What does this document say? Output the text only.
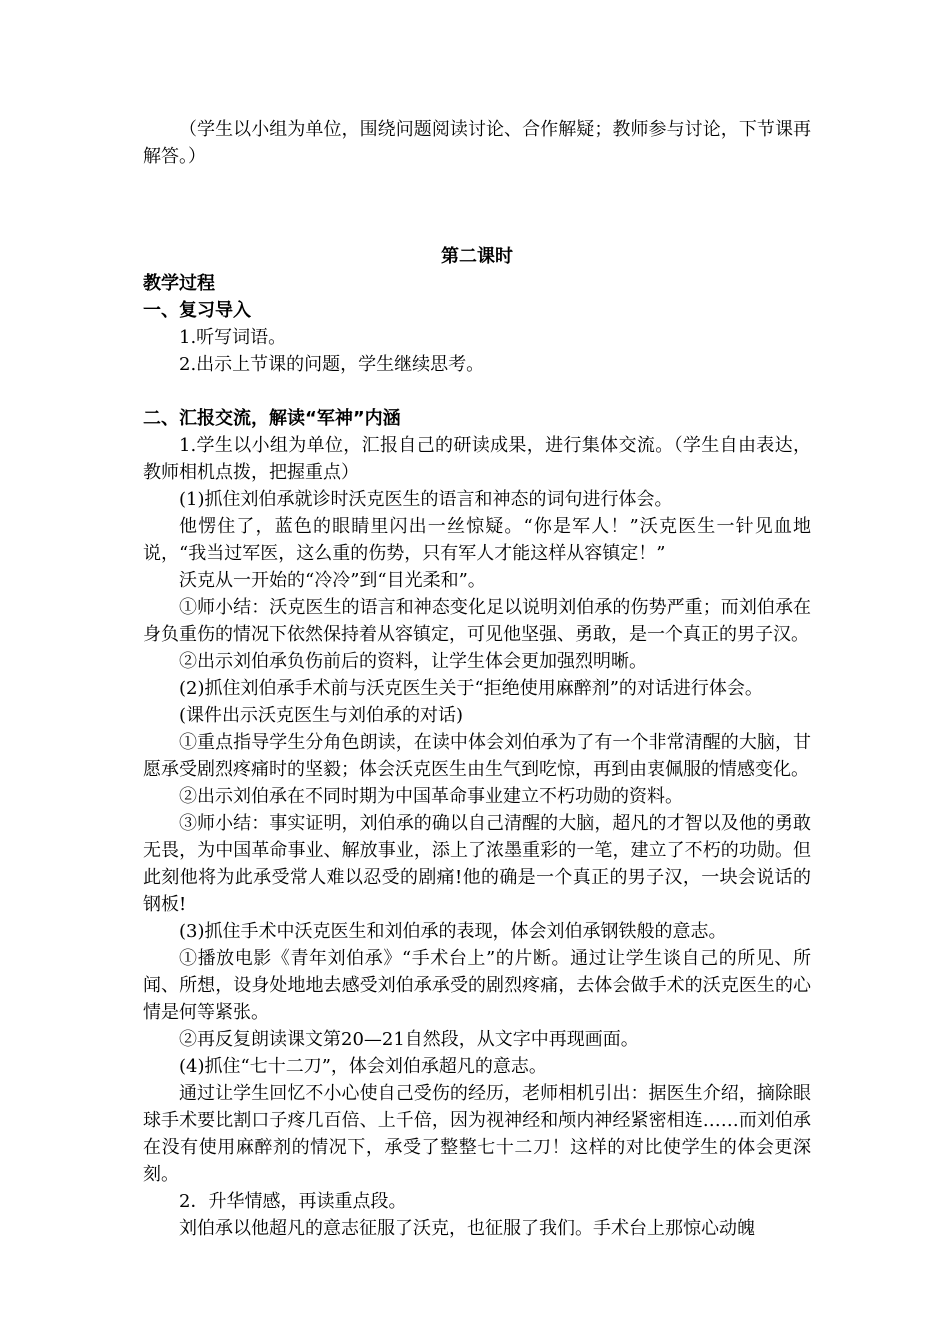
（学生以小组为单位，围绕问题阅读讨论、合作解疑；教师参与讨论，下节课再解答。）

第二课时

教学过程

一、复习导入

1.听写词语。

2.出示上节课的问题，学生继续思考。

二、汇报交流，解读“军神”内涵

1.学生以小组为单位，汇报自己的研读成果，进行集体交流。（学生自由表达，教师相机点拨，把握重点）

(1)抓住刘伯承就诊时沃克医生的语言和神态的词句进行体会。

他愣住了，蓝色的眼睛里闪出一丝惊疑。“你是军人！”沃克医生一针见血地说，“我当过军医，这么重的伤势，只有军人才能这样从容镇定！”

沃克从一开始的“冷冷”到“目光柔和”。

①师小结：沃克医生的语言和神态变化足以说明刘伯承的伤势严重；而刘伯承在身负重伤的情况下依然保持着从容镇定，可见他坚强、勇敢，是一个真正的男子汉。

②出示刘伯承负伤前后的资料，让学生体会更加强烈明晰。

(2)抓住刘伯承手术前与沃克医生关于“拒绝使用麻醉剂”的对话进行体会。

(课件出示沃克医生与刘伯承的对话)

①重点指导学生分角色朗读，在读中体会刘伯承为了有一个非常清醒的大脑，甘愿承受剧烈疼痛时的坚毅；体会沃克医生由生气到吃惊，再到由衷佩服的情感变化。

②出示刘伯承在不同时期为中国革命事业建立不朽功勋的资料。

③师小结：事实证明，刘伯承的确以自己清醒的大脑，超凡的才智以及他的勇敢无畏，为中国革命事业、解放事业，添上了浓墨重彩的一笔，建立了不朽的功勋。但此刻他将为此承受常人难以忍受的剧痛!他的确是一个真正的男子汉，一块会说话的钢板!

(3)抓住手术中沃克医生和刘伯承的表现，体会刘伯承钢铁般的意志。

①播放电影《青年刘伯承》“手术台上”的片断。通过让学生谈自己的所见、所闻、所想，设身处地地去感受刘伯承承受的剧烈疼痛，去体会做手术的沃克医生的心情是何等紧张。

②再反复朗读课文第20—21自然段，从文字中再现画面。

(4)抓住“七十二刀”，体会刘伯承超凡的意志。

通过让学生回忆不小心使自己受伤的经历，老师相机引出：据医生介绍，摘除眼球手术要比割口子疼几百倍、上千倍，因为视神经和颅内神经紧密相连……而刘伯承在没有使用麻醉剂的情况下，承受了整整七十二刀！这样的对比使学生的体会更深刻。

2．升华情感，再读重点段。

刘伯承以他超凡的意志征服了沃克，也征服了我们。手术台上那惊心动魄
